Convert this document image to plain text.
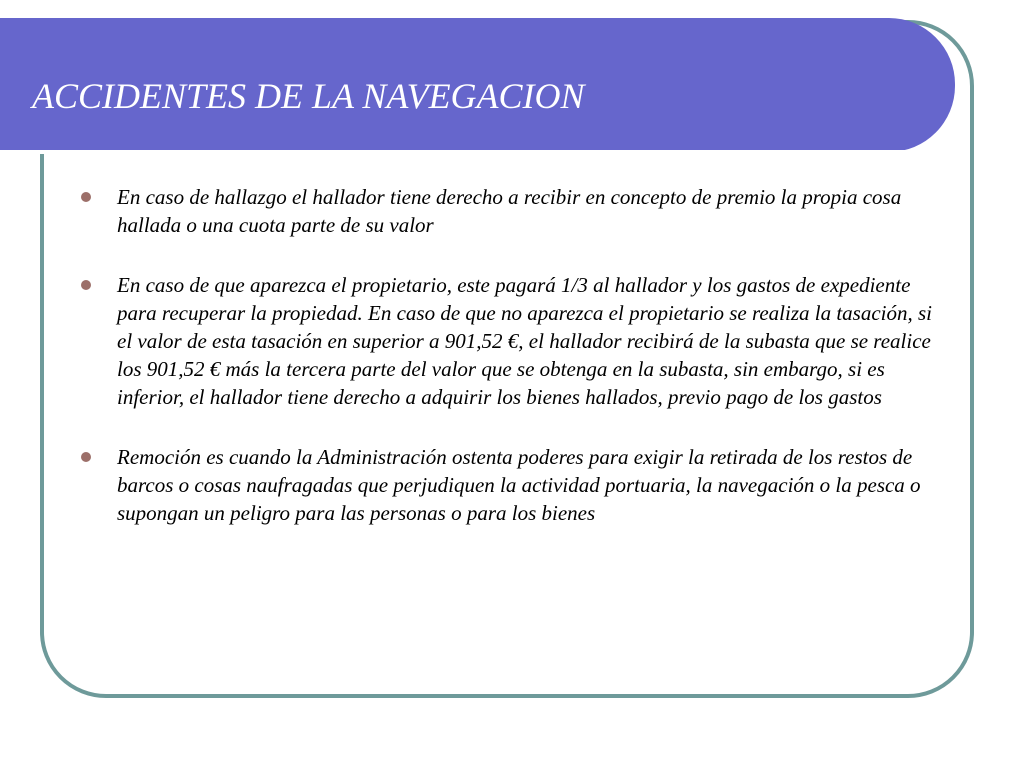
ACCIDENTES DE LA NAVEGACION
En caso de hallazgo el hallador tiene derecho a recibir en concepto de premio la propia cosa hallada o una cuota parte de su valor
En caso de que aparezca el propietario, este pagará 1/3 al hallador y los gastos de expediente para recuperar la propiedad. En caso de que no aparezca el propietario se realiza la tasación, si el valor de esta tasación en superior a 901,52 €, el hallador recibirá de la subasta que se realice los 901,52 € más la tercera parte del valor que se obtenga en la subasta, sin embargo, si es inferior, el hallador tiene derecho a adquirir los bienes hallados, previo pago de los gastos
Remoción es cuando la Administración ostenta poderes para exigir la retirada de los restos de barcos o cosas naufragadas que perjudiquen la actividad portuaria, la navegación o la pesca o supongan un peligro para las personas o para los bienes
